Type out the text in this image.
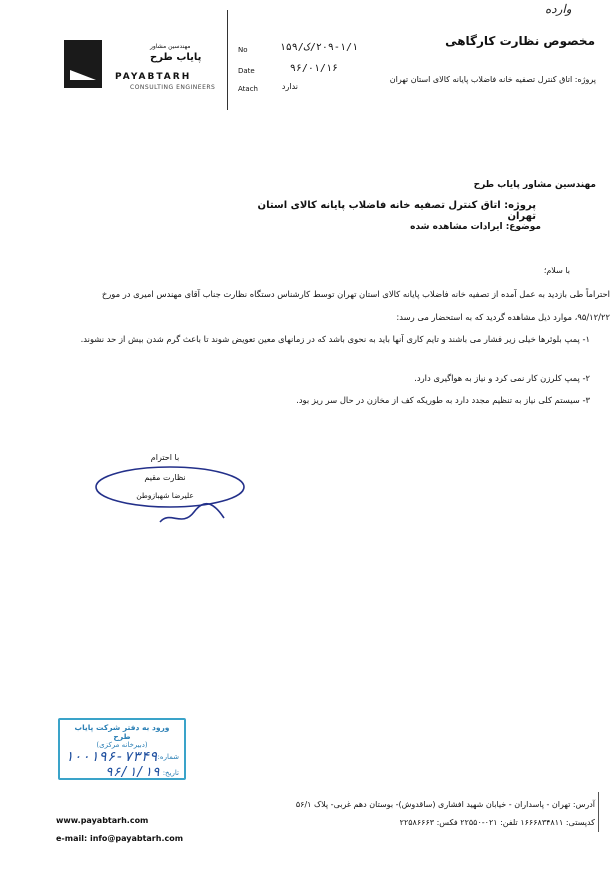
وارده
مهندسین مشاور
پایاب طرح
PAYABTARH
CONSULTING ENGINEERS
No	۲۰۹-۱/۱/ک/۱۵۹
Date	۹۶/۰۱/۱۶
Atach	ندارد
مخصوص نظارت کارگاهی
پروژه: اتاق کنترل تصفیه خانه فاضلاب پایانه کالای استان تهران
مهندسین مشاور پایاب طرح
پروژه: اتاق کنترل تصفیه خانه فاضلاب پایانه کالای استان تهران
موضوع: ایرادات مشاهده شده
با سلام؛
احتراماً طی بازدید به عمل آمده از تصفیه خانه فاضلاب پایانه کالای استان تهران توسط کارشناس دستگاه نظارت جناب آقای مهندس امیری در مورخ ۹۵/۱۲/۲۲، موارد ذیل مشاهده گردید که به استحضار می رسد:
۱- پمپ بلوئرها خیلی زیر فشار می باشند و تایم کاری آنها باید به نحوی باشد که در زمانهای معین تعویض شوند تا باعث گرم شدن بیش از حد نشوند.
۲- پمپ کلرزن کار نمی کرد و نیاز به هواگیری دارد.
۳- سیستم کلی نیاز به تنظیم مجدد دارد به طوریکه کف از مخازن در حال سر ریز بود.
با احترام
نظارت مقیم
علیرضا شهبازوطن
ورود به دفتر شرکت پایاب طرح
(دبیرخانه مرکزی)
شماره:
۱۰۰۱۹۶-۷۳۴۹
تاریخ:
۹۶/۱/۱۹
www.payabtarh.com
e-mail: info@payabtarh.com
آدرس: تهران - پاسداران - خیابان شهید افشاری (ساقدوش)- بوستان دهم غربی- پلاک ۵۶/۱
کدپستی: ۱۶۶۶۸۳۴۸۱۱ تلفن: ۰۲۱-۲۲۵۵۰ فکس: ۲۲۵۸۶۶۶۳
